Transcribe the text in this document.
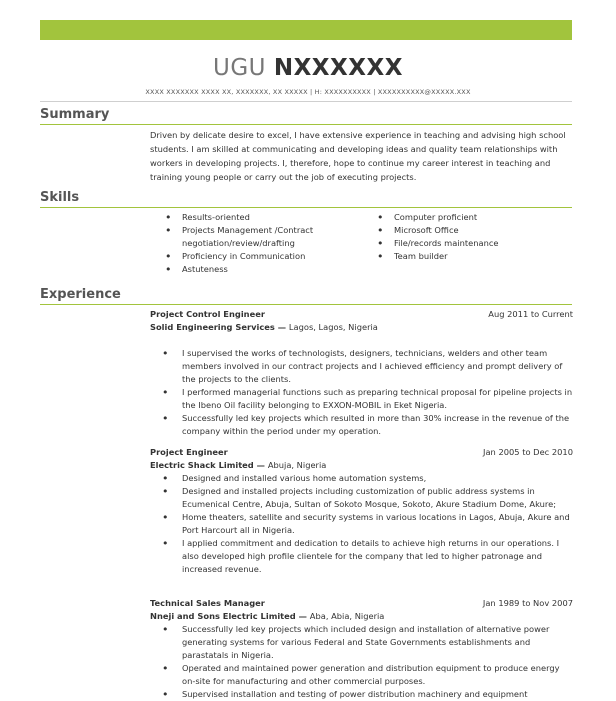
UGU NXXXXXX
XXXX XXXXXXX XXXX XX, XXXXXXX, XX XXXXX | H: XXXXXXXXXX | XXXXXXXXXX@XXXXX.XXX
Summary
Driven by delicate desire to excel, I have extensive experience in teaching and advising high school students. I am skilled at communicating and developing ideas and quality team relationships with workers in developing projects. I, therefore, hope to continue my career interest in teaching and training young people or carry out the job of executing projects.
Skills
• Results-oriented
• Projects Management /Contract negotiation/review/drafting
• Proficiency in Communication
• Astuteness
• Computer proficient
• Microsoft Office
• File/records maintenance
• Team builder
Experience
Project Control Engineer	Aug 2011 to Current
Solid Engineering Services — Lagos, Lagos, Nigeria
• I supervised the works of technologists, designers, technicians, welders and other team members involved in our contract projects and I achieved efficiency and prompt delivery of the projects to the clients.
• I performed managerial functions such as preparing technical proposal for pipeline projects in the Ibeno Oil facility belonging to EXXON-MOBIL in Eket Nigeria.
• Successfully led key projects which resulted in more than 30% increase in the revenue of the company within the period under my operation.
Project Engineer	Jan 2005 to Dec 2010
Electric Shack Limited — Abuja, Nigeria
• Designed and installed various home automation systems,
• Designed and installed projects including customization of public address systems in Ecumenical Centre, Abuja, Sultan of Sokoto Mosque, Sokoto, Akure Stadium Dome, Akure;
• Home theaters, satellite and security systems in various locations in Lagos, Abuja, Akure and Port Harcourt all in Nigeria.
• I applied commitment and dedication to details to achieve high returns in our operations. I also developed high profile clientele for the company that led to higher patronage and increased revenue.
Technical Sales Manager	Jan 1989 to Nov 2007
Nneji and Sons Electric Limited — Aba, Abia, Nigeria
• Successfully led key projects which included design and installation of alternative power generating systems for various Federal and State Governments establishments and parastatals in Nigeria.
• Operated and maintained power generation and distribution equipment to produce energy on-site for manufacturing and other commercial purposes.
• Supervised installation and testing of power distribution machinery and equipment
